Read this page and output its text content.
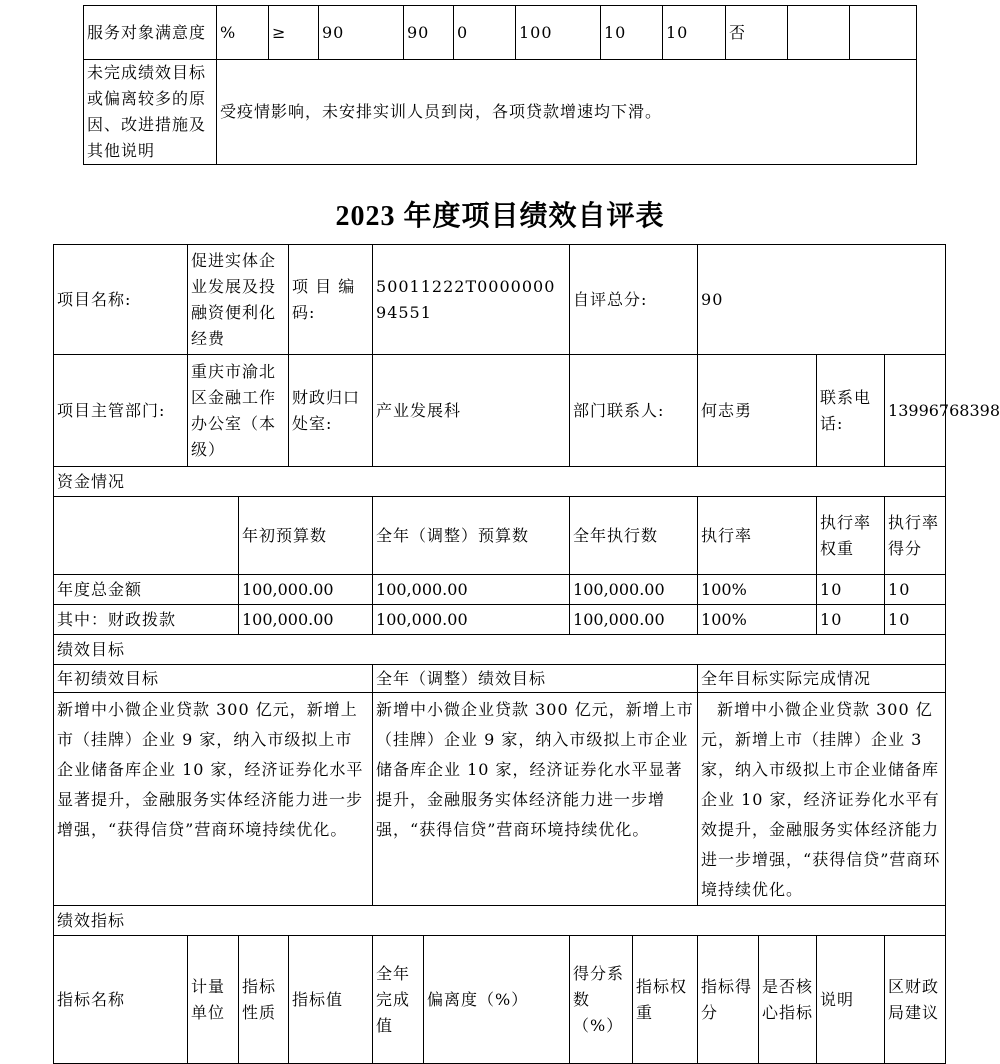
服务对象满意度	%	≥	90	90	0	100	10	10	否		
未完成绩效目标或偏离较多的原因、改进措施及其他说明	受疫情影响，未安排实训人员到岗，各项贷款增速均下滑。										
2023 年度项目绩效自评表
项目名称:	促进实体企业发展及投融资便利化经费		项 目 编码:	50011222T000000094551		自评总分:		90			
项目主管部门:	重庆市渝北区金融工作办公室（本级）		财政归口处室:	产业发展科		部门联系人:		何志勇		联系电话:	13996768398
资金情况											
		年初预算数		全年（调整）预算数		全年执行数		执行率		执行率权重	执行率得分
年度总金额		100,000.00		100,000.00		100,000.00		100%		10	10
其中：财政拨款		100,000.00		100,000.00		100,000.00		100%		10	10
绩效目标											
年初绩效目标				全年（调整）绩效目标				全年目标实际完成情况			
新增中小微企业贷款 300 亿元，新增上市（挂牌）企业 9 家，纳入市级拟上市企业储备库企业 10 家，经济证券化水平显著提升，金融服务实体经济能力进一步增强，“获得信贷”营商环境持续优化。				新增中小微企业贷款 300 亿元，新增上市（挂牌）企业 9 家，纳入市级拟上市企业储备库企业 10 家，经济证券化水平显著提升，金融服务实体经济能力进一步增强，“获得信贷”营商环境持续优化。				新增中小微企业贷款 300 亿元，新增上市（挂牌）企业 3 家，纳入市级拟上市企业储备库企业 10 家，经济证券化水平有效提升，金融服务实体经济能力进一步增强，“获得信贷”营商环境持续优化。			
绩效指标											
指标名称	计量单位	指标性质	指标值	全年完成值	偏离度（%）	得分系数（%）	指标权重	指标得分	是否核心指标	说明	区财政局建议
